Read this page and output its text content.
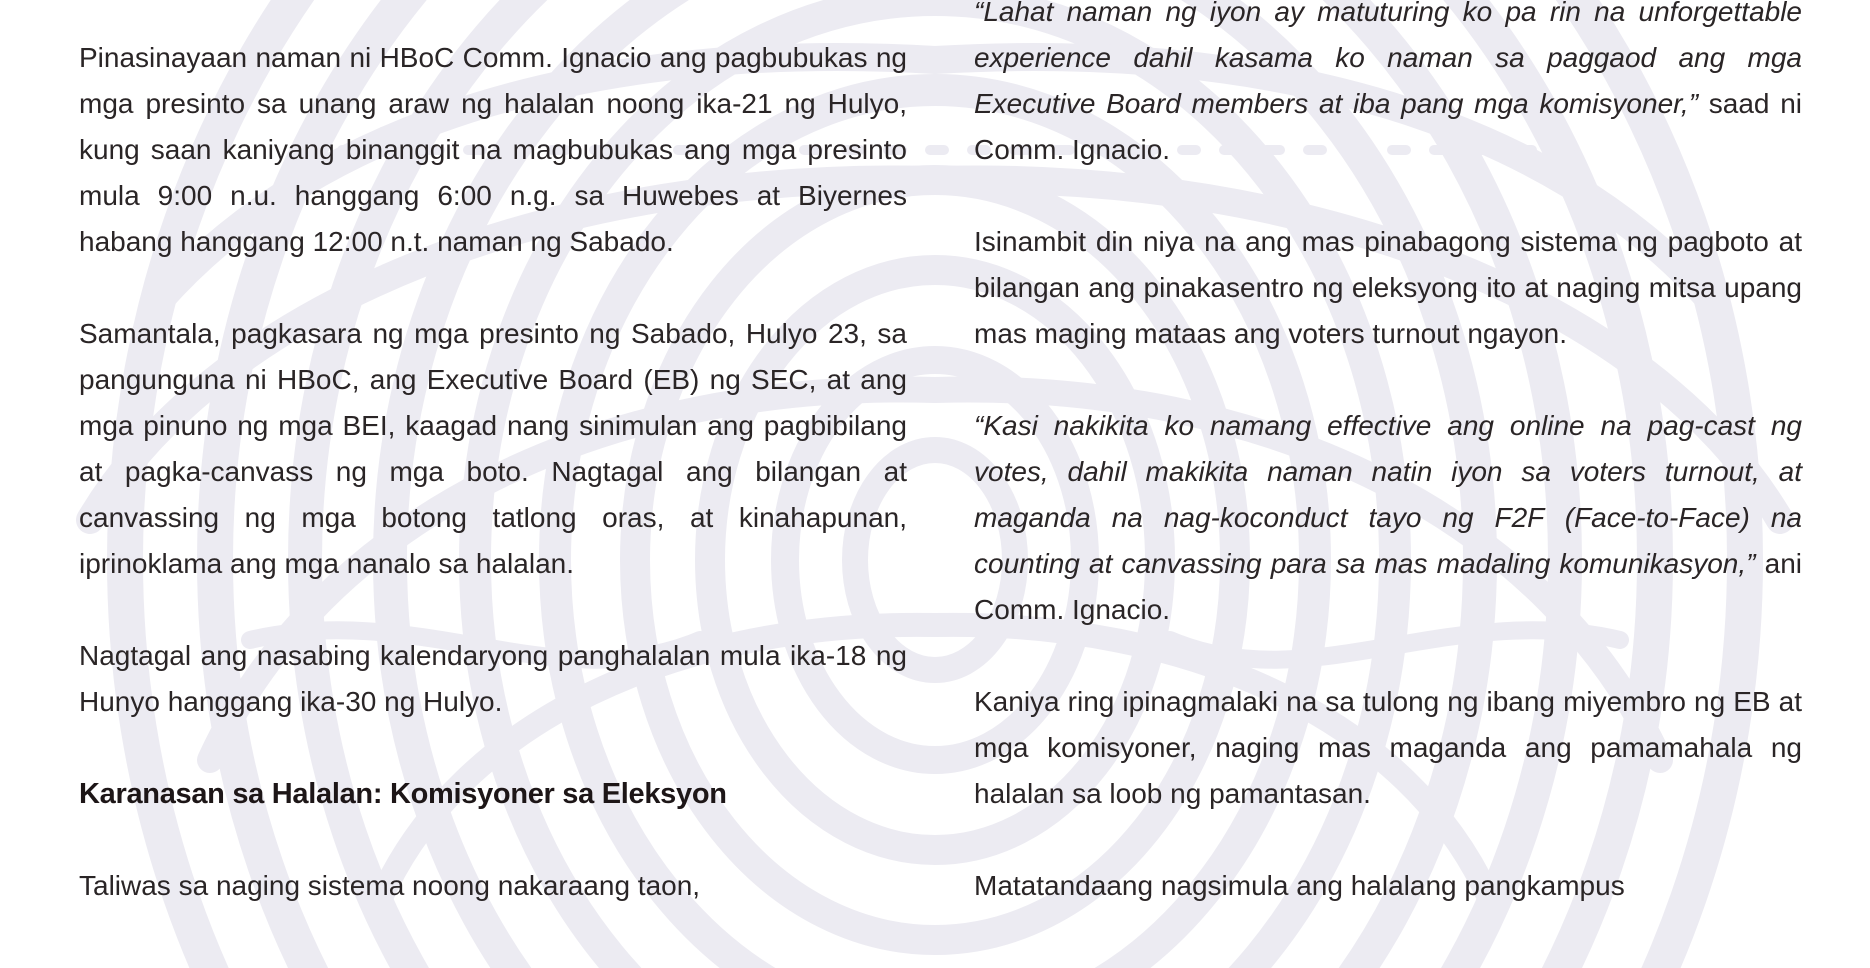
Pinasinayaan naman ni HBoC Comm. Ignacio ang pagbubukas ng mga presinto sa unang araw ng halalan noong ika-21 ng Hulyo, kung saan kaniyang binanggit na magbubukas ang mga presinto mula 9:00 n.u. hanggang 6:00 n.g. sa Huwebes at Biyernes habang hanggang 12:00 n.t. naman ng Sabado.

Samantala, pagkasara ng mga presinto ng Sabado, Hulyo 23, sa pangunguna ni HBoC, ang Executive Board (EB) ng SEC, at ang mga pinuno ng mga BEI, kaagad nang sinimulan ang pagbibilang at pagka-canvass ng mga boto. Nagtagal ang bilangan at canvassing ng mga botong tatlong oras, at kinahapunan, iprinoklama ang mga nanalo sa halalan.

Nagtagal ang nasabing kalendaryong panghalalan mula ika-18 ng Hunyo hanggang ika-30 ng Hulyo.

Karanasan sa Halalan: Komisyoner sa Eleksyon

Taliwas sa naging sistema noong nakaraang taon,

“Lahat naman ng iyon ay matuturing ko pa rin na unforgettable experience dahil kasama ko naman sa paggaod ang mga Executive Board members at iba pang mga komisyoner,” saad ni Comm. Ignacio.

Isinambit din niya na ang mas pinabagong sistema ng pagboto at bilangan ang pinakasentro ng eleksyong ito at naging mitsa upang mas maging mataas ang voters turnout ngayon.

“Kasi nakikita ko namang effective ang online na pag-cast ng votes, dahil makikita naman natin iyon sa voters turnout, at maganda na nag-koconduct tayo ng F2F (Face-to-Face) na counting at canvassing para sa mas madaling komunikasyon,” ani Comm. Ignacio.

Kaniya ring ipinagmalaki na sa tulong ng ibang miyembro ng EB at mga komisyoner, naging mas maganda ang pamamahala ng halalan sa loob ng pamantasan.

Matatandaang nagsimula ang halalang pangkampus
